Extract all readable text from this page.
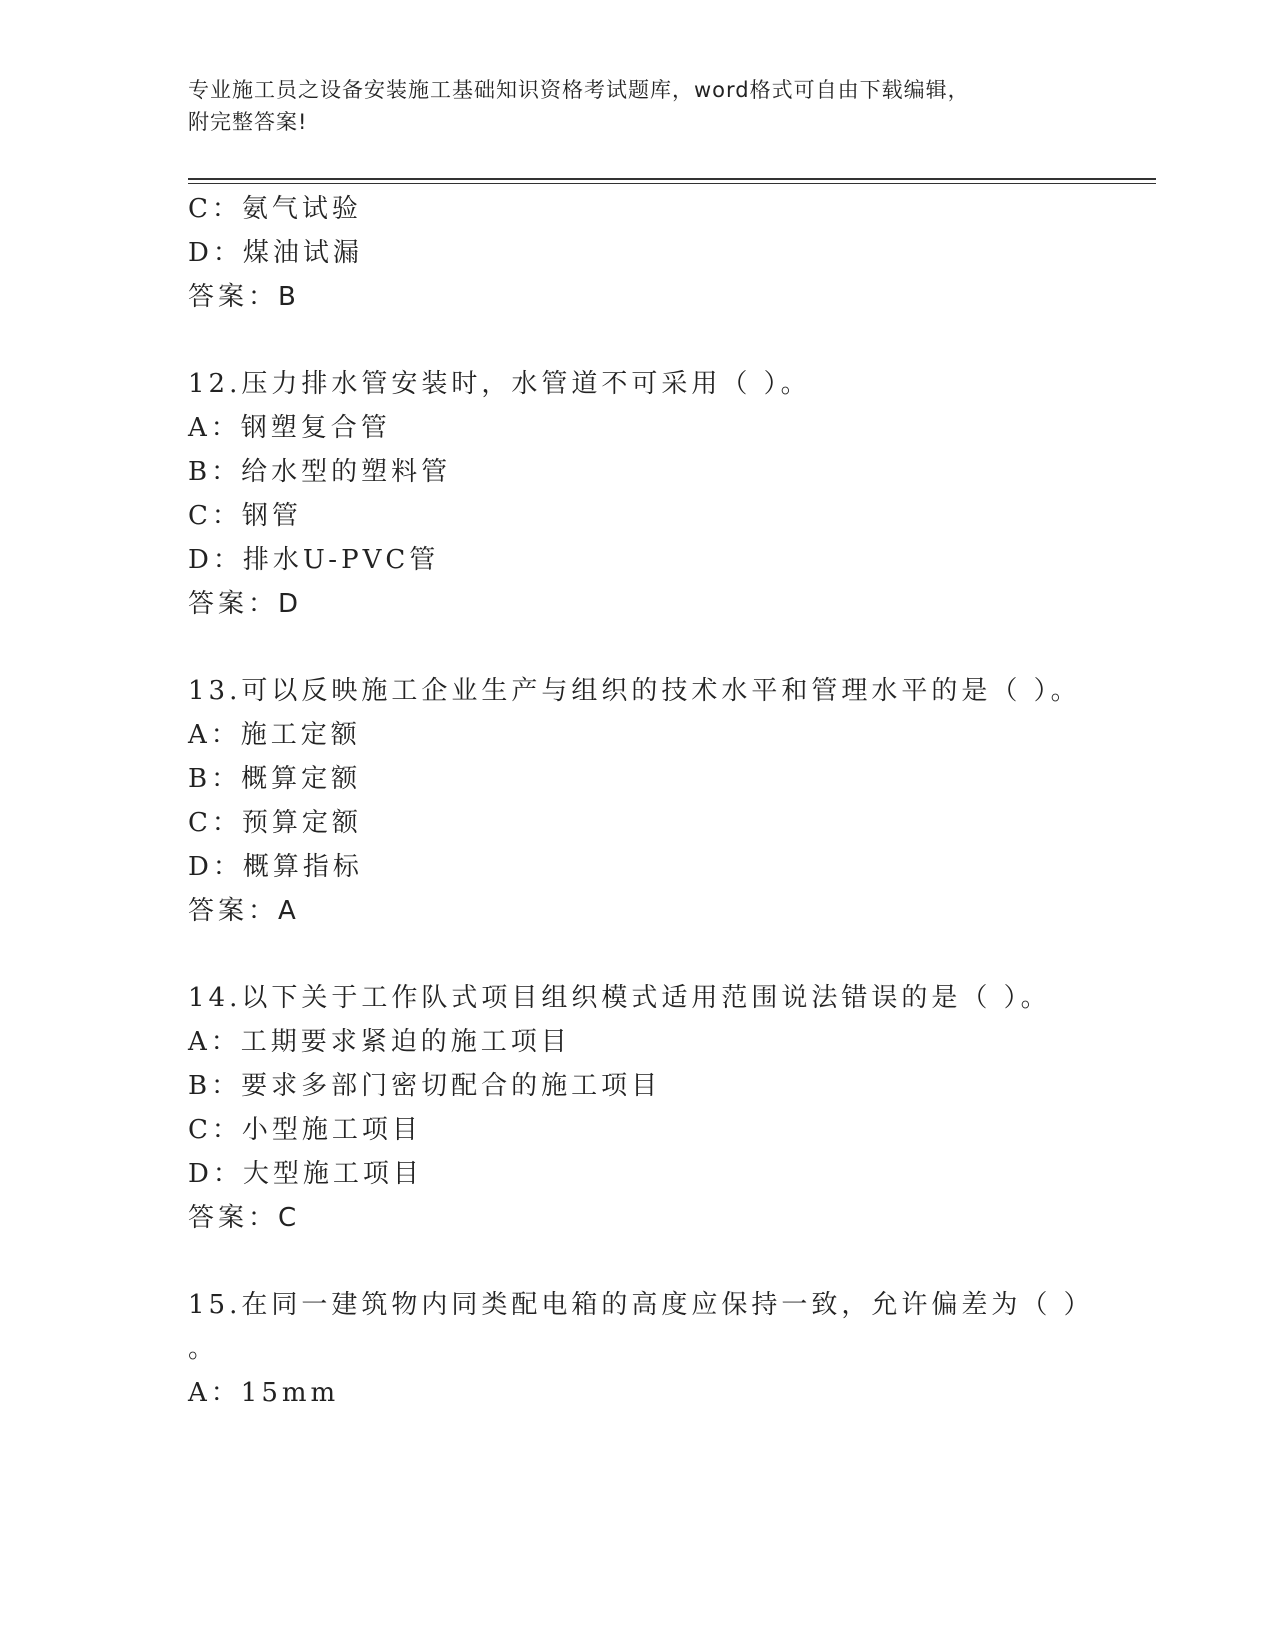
专业施工员之设备安装施工基础知识资格考试题库，word格式可自由下载编辑，
附完整答案!
C：氨气试验
D：煤油试漏
答案：B
12.压力排水管安装时，水管道不可采用（ ）。
A：钢塑复合管
B：给水型的塑料管
C：钢管
D：排水U-PVC管
答案：D
13.可以反映施工企业生产与组织的技术水平和管理水平的是（ ）。
A：施工定额
B：概算定额
C：预算定额
D：概算指标
答案：A
14.以下关于工作队式项目组织模式适用范围说法错误的是（ ）。
A：工期要求紧迫的施工项目
B：要求多部门密切配合的施工项目
C：小型施工项目
D：大型施工项目
答案：C
15.在同一建筑物内同类配电箱的高度应保持一致，允许偏差为（ ）
。
A：15mm
